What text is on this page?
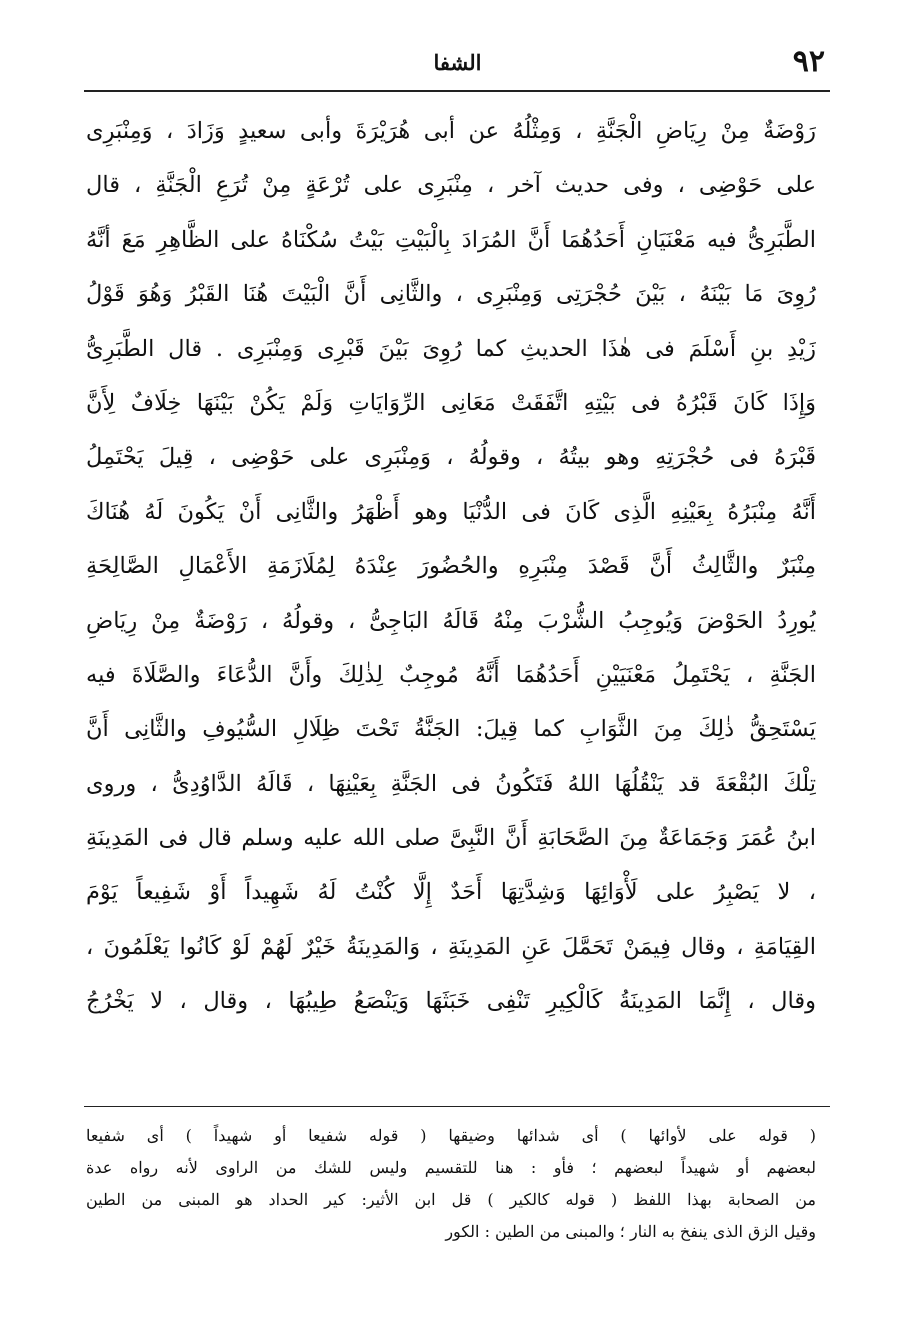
٩٢
الشفا
رَوْضَةٌ مِنْ رِيَاضِ الْجَنَّةِ ، وَمِثْلُهُ عن أبى هُرَيْرَةَ وأبى سعيدٍ وَزَادَ ، وَمِنْبَرِى
على حَوْضِى ، وفى حديث آخر ، مِنْبَرِى على تُرْعَةٍ مِنْ تُرَعِ الْجَنَّةِ ، قال
الطَّبَرِىُّ فيه مَعْنَيَانِ أَحَدُهُمَا أَنَّ المُرَادَ بِالْبَيْتِ بَيْتُ سُكْنَاهُ على الظَّاهِرِ مَعَ أنَّهُ
رُوِىَ مَا بَيْنَهُ ، بَيْنَ حُجْرَتِى وَمِنْبَرِى ، والثَّانِى أَنَّ الْبَيْتَ هُنَا القَبْرُ وَهُوَ قَوْلُ
زَيْدِ بنِ أَسْلَمَ فى هٰذَا الحديثِ كما رُوِىَ بَيْنَ قَبْرِى وَمِنْبَرِى . قال الطَّبَرِىُّ
وَإِذَا كَانَ قَبْرُهُ فى بَيْتِهِ اتَّفَقَتْ مَعَانِى الرِّوَايَاتِ وَلَمْ يَكُنْ بَيْنَهَا خِلَافٌ لِأَنَّ
قَبْرَهُ فى حُجْرَتِهِ وهو بيتُهُ ، وقولُهُ ، وَمِنْبَرِى على حَوْضِى ، قِيلَ يَحْتَمِلُ
أَنَّهُ مِنْبَرُهُ بِعَيْنِهِ الَّذِى كَانَ فى الدُّنْيَا وهو أَظْهَرُ والثَّانِى أَنْ يَكُونَ لَهُ هُنَاكَ
مِنْبَرٌ والثَّالِثُ أَنَّ قَصْدَ مِنْبَرِهِ والحُضُورَ عِنْدَهُ لِمُلَازَمَةِ الأَعْمَالِ الصَّالِحَةِ
يُورِدُ الحَوْضَ وَيُوجِبُ الشُّرْبَ مِنْهُ قَالَهُ البَاجِىُّ ، وقولُهُ ، رَوْضَةٌ مِنْ رِيَاضِ
الجَنَّةِ ، يَحْتَمِلُ مَعْنَيَيْنِ أَحَدُهُمَا أَنَّهُ مُوجِبٌ لِذٰلِكَ وأَنَّ الدُّعَاءَ والصَّلَاةَ فيه
يَسْتَحِقُّ ذٰلِكَ مِنَ الثَّوَابِ كما قِيلَ: الجَنَّةُ تَحْتَ ظِلَالِ السُّيُوفِ والثَّانِى أَنَّ
تِلْكَ البُقْعَةَ قد يَنْقُلُهَا اللهُ فَتَكُونُ فى الجَنَّةِ بِعَيْنِهَا ، قَالَهُ الدَّاوُدِىُّ ، وروى
ابنُ عُمَرَ وَجَمَاعَةٌ مِنَ الصَّحَابَةِ أَنَّ النَّبِىَّ صلى الله عليه وسلم قال فى المَدِينَةِ
، لا يَصْبِرُ على لَأْوَائِهَا وَشِدَّتِهَا أَحَدٌ إِلَّا كُنْتُ لَهُ شَهِيداً أَوْ شَفِيعاً يَوْمَ
القِيَامَةِ ، وقال فِيمَنْ تَحَمَّلَ عَنِ المَدِينَةِ ، وَالمَدِينَةُ خَيْرٌ لَهُمْ لَوْ كَانُوا يَعْلَمُونَ ،
وقال ، إِنَّمَا المَدِينَةُ كَالْكِيرِ تَنْفِى خَبَثَهَا وَيَنْصَعُ طِيبُهَا ، وقال ، لا يَخْرُجُ
( قوله على لأوائها ) أى شدائها وضيقها ( قوله شفيعا أو شهيداً ) أى شفيعا
لبعضهم أو شهيداً لبعضهم ؛ فأو : هنا للتقسيم وليس للشك من الراوى لأنه رواه عدة
من الصحابة بهذا اللفظ ( قوله كالكير ) قل ابن الأثير: كير الحداد هو المبنى من الطين
وقيل الزق الذى ينفخ به النار ؛ والمبنى من الطين : الكور
